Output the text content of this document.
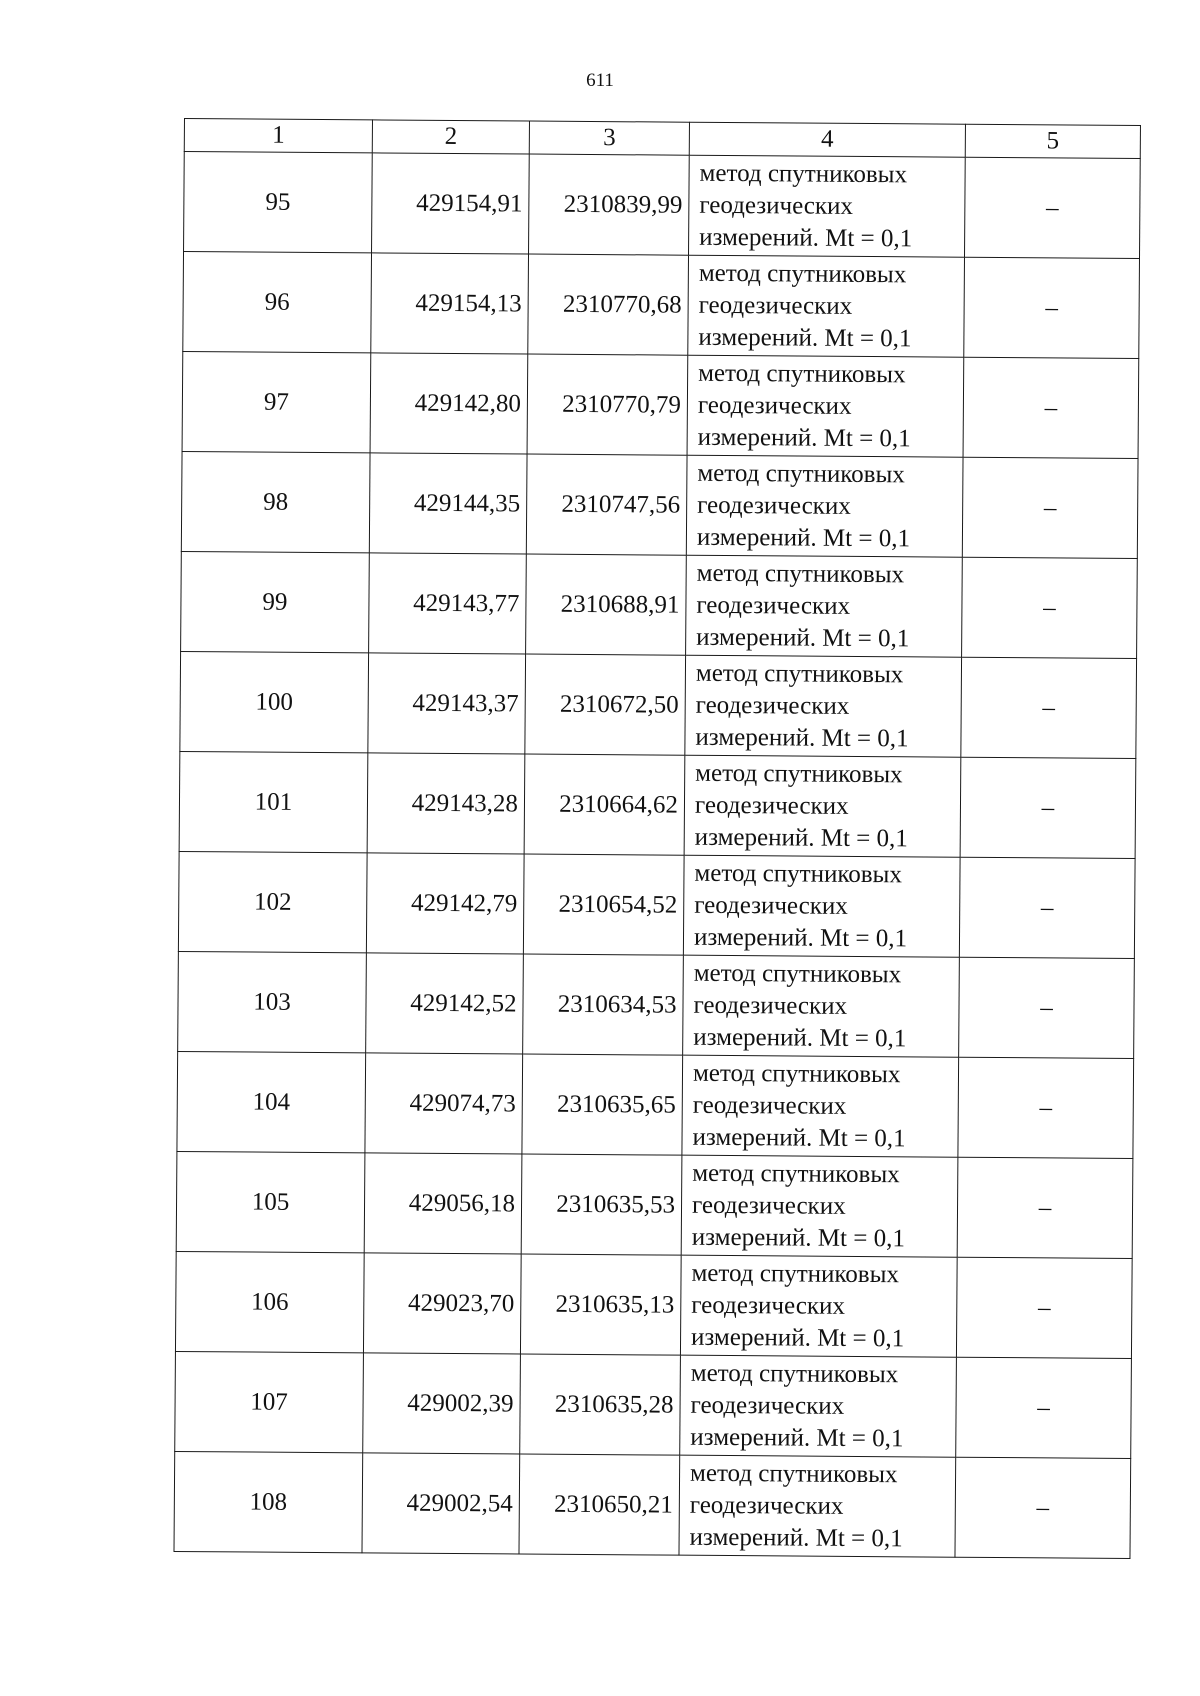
611
1	2	3	4	5
95	429154,91	2310839,99	метод спутниковых
геодезических
измерений. Mt = 0,1	–
96	429154,13	2310770,68	метод спутниковых
геодезических
измерений. Mt = 0,1	–
97	429142,80	2310770,79	метод спутниковых
геодезических
измерений. Mt = 0,1	–
98	429144,35	2310747,56	метод спутниковых
геодезических
измерений. Mt = 0,1	–
99	429143,77	2310688,91	метод спутниковых
геодезических
измерений. Mt = 0,1	–
100	429143,37	2310672,50	метод спутниковых
геодезических
измерений. Mt = 0,1	–
101	429143,28	2310664,62	метод спутниковых
геодезических
измерений. Mt = 0,1	–
102	429142,79	2310654,52	метод спутниковых
геодезических
измерений. Mt = 0,1	–
103	429142,52	2310634,53	метод спутниковых
геодезических
измерений. Mt = 0,1	–
104	429074,73	2310635,65	метод спутниковых
геодезических
измерений. Mt = 0,1	–
105	429056,18	2310635,53	метод спутниковых
геодезических
измерений. Mt = 0,1	–
106	429023,70	2310635,13	метод спутниковых
геодезических
измерений. Mt = 0,1	–
107	429002,39	2310635,28	метод спутниковых
геодезических
измерений. Mt = 0,1	–
108	429002,54	2310650,21	метод спутниковых
геодезических
измерений. Mt = 0,1	–
